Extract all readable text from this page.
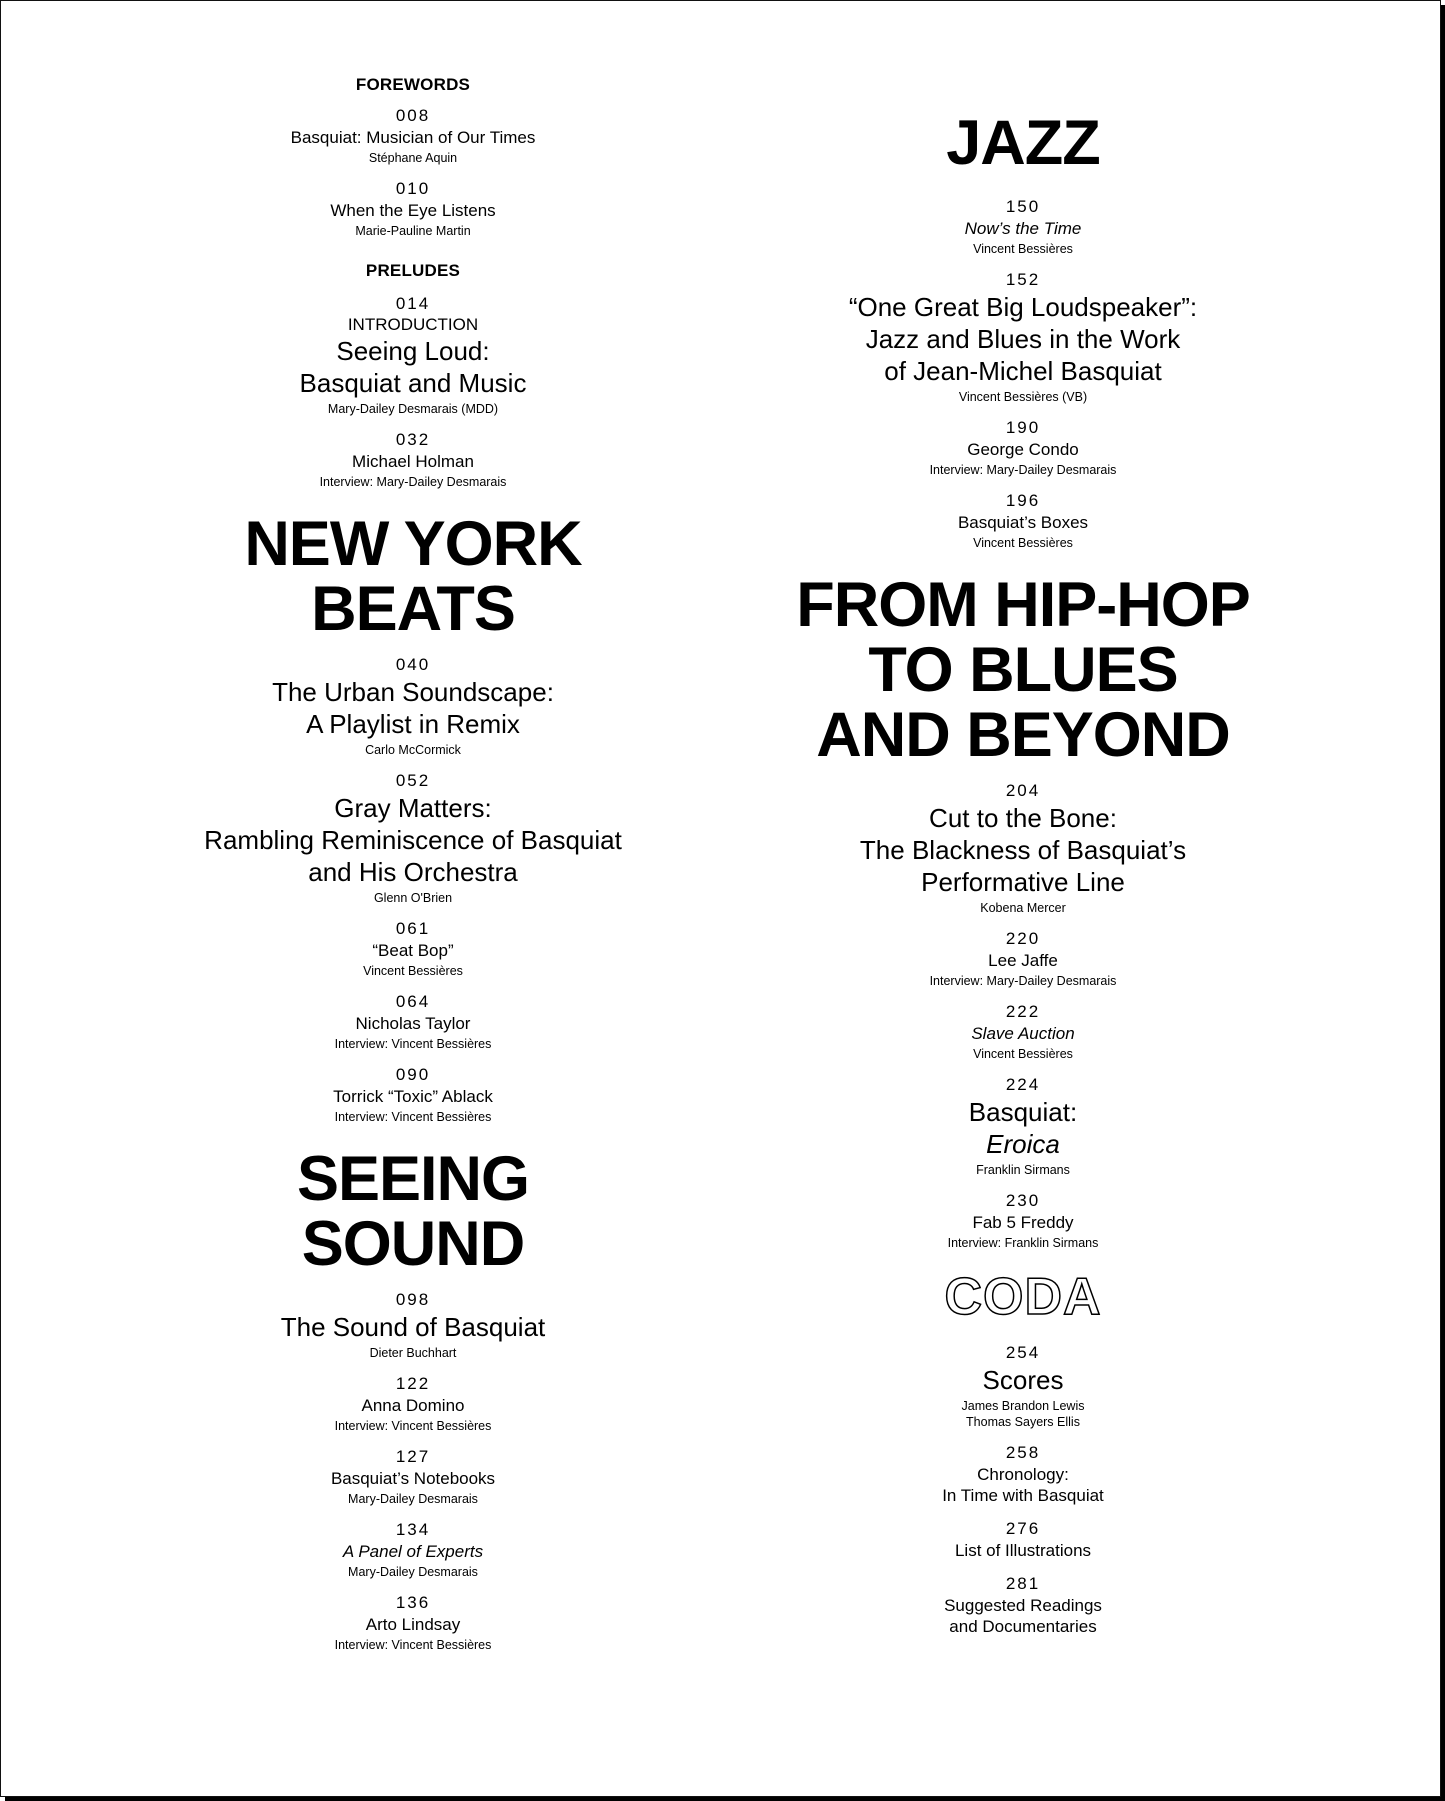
FOREWORDS
008
Basquiat: Musician of Our Times
Stéphane Aquin
010
When the Eye Listens
Marie-Pauline Martin
PRELUDES
014
INTRODUCTION
Seeing Loud:
Basquiat and Music
Mary-Dailey Desmarais (MDD)
032
Michael Holman
Interview: Mary-Dailey Desmarais
NEW YORK
BEATS
040
The Urban Soundscape:
A Playlist in Remix
Carlo McCormick
052
Gray Matters:
Rambling Reminiscence of Basquiat
and His Orchestra
Glenn O'Brien
061
“Beat Bop”
Vincent Bessières
064
Nicholas Taylor
Interview: Vincent Bessières
090
Torrick “Toxic” Ablack
Interview: Vincent Bessières
SEEING
SOUND
098
The Sound of Basquiat
Dieter Buchhart
122
Anna Domino
Interview: Vincent Bessières
127
Basquiat’s Notebooks
Mary-Dailey Desmarais
134
A Panel of Experts
Mary-Dailey Desmarais
136
Arto Lindsay
Interview: Vincent Bessières
JAZZ
150
Now’s the Time
Vincent Bessières
152
“One Great Big Loudspeaker”:
Jazz and Blues in the Work
of Jean-Michel Basquiat
Vincent Bessières (VB)
190
George Condo
Interview: Mary-Dailey Desmarais
196
Basquiat’s Boxes
Vincent Bessières
FROM HIP-HOP
TO BLUES
AND BEYOND
204
Cut to the Bone:
The Blackness of Basquiat’s
Performative Line
Kobena Mercer
220
Lee Jaffe
Interview: Mary-Dailey Desmarais
222
Slave Auction
Vincent Bessières
224
Basquiat:
Eroica
Franklin Sirmans
230
Fab 5 Freddy
Interview: Franklin Sirmans
CODA
254
Scores
James Brandon Lewis
Thomas Sayers Ellis
258
Chronology:
In Time with Basquiat
276
List of Illustrations
281
Suggested Readings
and Documentaries
